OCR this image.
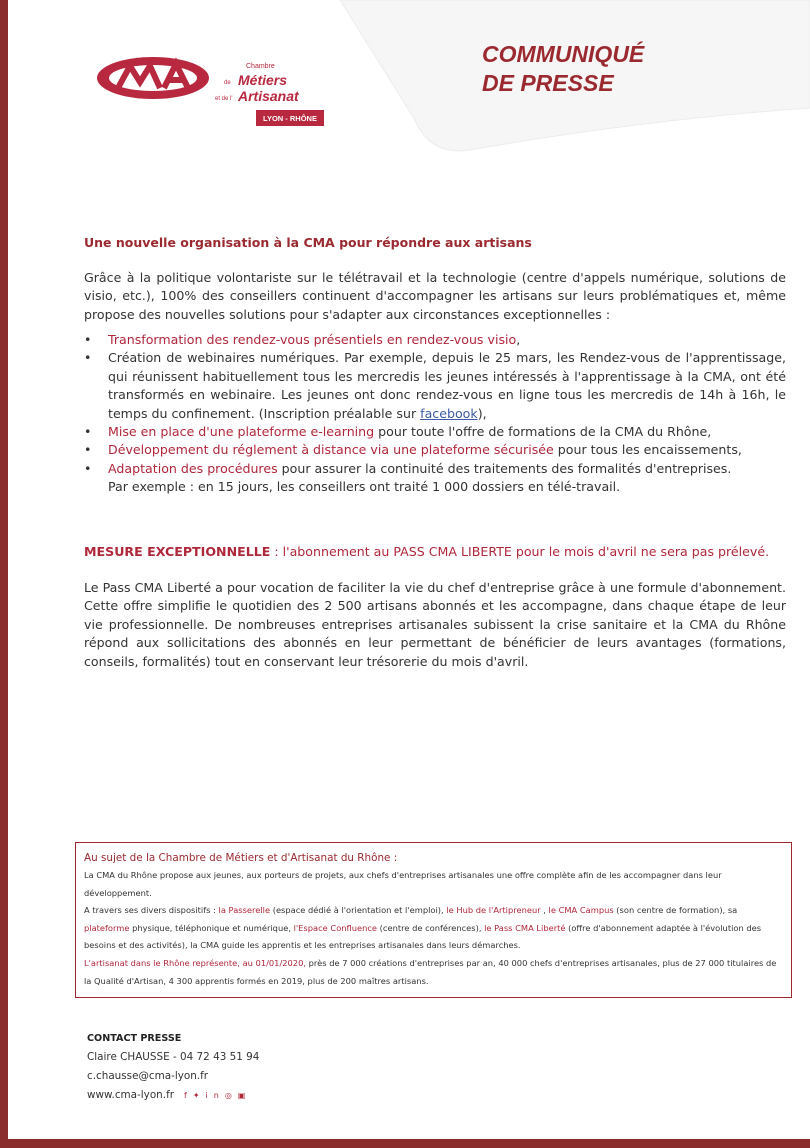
Chambre
de Métiers
et de l' Artisanat
LYON - RHÔNE
COMMUNIQUÉ
DE PRESSE
Une nouvelle organisation à la CMA pour répondre aux artisans

Grâce à la politique volontariste sur le télétravail et la technologie (centre d'appels numérique, solutions de visio, etc.), 100% des conseillers continuent d'accompagner les artisans sur leurs problématiques et, même propose des nouvelles solutions pour s'adapter aux circonstances exceptionnelles :

• Transformation des rendez-vous présentiels en rendez-vous visio,
• Création de webinaires numériques. Par exemple, depuis le 25 mars, les Rendez-vous de l'apprentissage, qui réunissent habituellement tous les mercredis les jeunes intéressés à l'apprentissage à la CMA, ont été transformés en webinaire. Les jeunes ont donc rendez-vous en ligne tous les mercredis de 14h à 16h, le temps du confinement. (Inscription préalable sur facebook),
• Mise en place d'une plateforme e-learning pour toute l'offre de formations de la CMA du Rhône,
• Développement du réglement à distance via une plateforme sécurisée pour tous les encaissements,
• Adaptation des procédures pour assurer la continuité des traitements des formalités d'entreprises.
Par exemple : en 15 jours, les conseillers ont traité 1 000 dossiers en télé-travail.
MESURE EXCEPTIONNELLE : l'abonnement au PASS CMA LIBERTE pour le mois d'avril ne sera pas prélevé.

Le Pass CMA Liberté a pour vocation de faciliter la vie du chef d'entreprise grâce à une formule d'abonnement. Cette offre simplifie le quotidien des 2 500 artisans abonnés et les accompagne, dans chaque étape de leur vie professionnelle. De nombreuses entreprises artisanales subissent la crise sanitaire et la CMA du Rhône répond aux sollicitations des abonnés en leur permettant de bénéficier de leurs avantages (formations, conseils, formalités) tout en conservant leur trésorerie du mois d'avril.

Au sujet de la Chambre de Métiers et d'Artisanat du Rhône :

La CMA du Rhône propose aux jeunes, aux porteurs de projets, aux chefs d'entreprises artisanales une offre complète afin de les accompagner dans leur développement.

A travers ses divers dispositifs : la Passerelle (espace dédié à l'orientation et l'emploi), le Hub de l'Artipreneur , le CMA Campus (son centre de formation), sa plateforme physique, téléphonique et numérique, l'Espace Confluence (centre de conférences), le Pass CMA Liberté (offre d'abonnement adaptée à l'évolution des besoins et des activités), la CMA guide les apprentis et les entreprises artisanales dans leurs démarches.

L'artisanat dans le Rhône représente, au 01/01/2020, près de 7 000 créations d'entreprises par an, 40 000 chefs d'entreprises artisanales, plus de 27 000 titulaires de la Qualité d'Artisan, 4 300 apprentis formés en 2019, plus de 200 maîtres artisans.

CONTACT PRESSE
Claire CHAUSSE - 04 72 43 51 94
c.chausse@cma-lyon.fr
www.cma-lyon.fr f✦in◎▣
